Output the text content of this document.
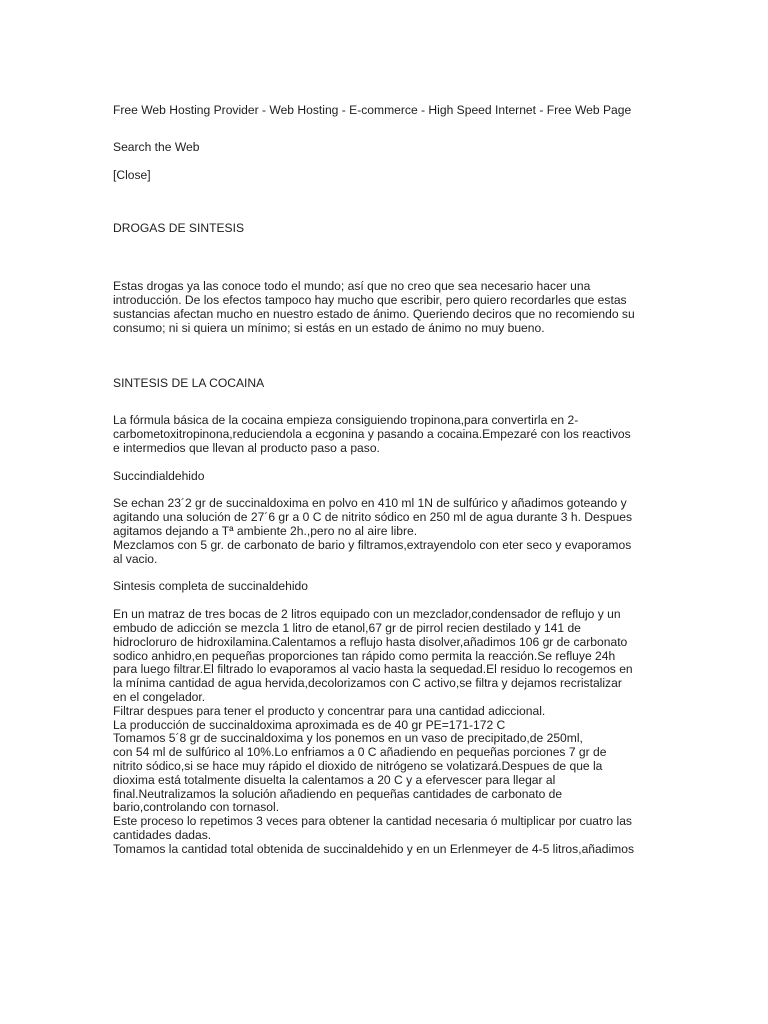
Free Web Hosting Provider - Web Hosting - E-commerce - High Speed Internet - Free Web Page

Search the Web

[Close]

DROGAS DE SINTESIS

Estas drogas ya las conoce todo el mundo; así que no creo que sea necesario hacer una
introducción. De los efectos tampoco hay mucho que escribir, pero quiero recordarles que estas
sustancias afectan mucho en nuestro estado de ánimo. Queriendo deciros que no recomiendo su
consumo; ni si quiera un mínimo; si estás en un estado de ánimo no muy bueno.

SINTESIS DE LA COCAINA

La fórmula básica de la cocaina empieza consiguiendo tropinona,para convertirla en 2-
carbometoxitropinona,reduciendola a ecgonina y pasando a cocaina.Empezaré con los reactivos
e intermedios que llevan al producto paso a paso.

Succindialdehido

Se echan 23´2 gr de succinaldoxima en polvo en 410 ml 1N de sulfúrico y añadimos goteando y
agitando una solución de 27´6 gr a 0 C de nitrito sódico en 250 ml de agua durante 3 h. Despues
agitamos dejando a Tª ambiente 2h.,pero no al aire libre.
Mezclamos con 5 gr. de carbonato de bario y filtramos,extrayendolo con eter seco y evaporamos
al vacio.

Sintesis completa de succinaldehido

En un matraz de tres bocas de 2 litros equipado con un mezclador,condensador de reflujo y un
embudo de adicción se mezcla 1 litro de etanol,67 gr de pirrol recien destilado y 141 de
hidrocloruro de hidroxilamina.Calentamos a reflujo hasta disolver,añadimos 106 gr de carbonato
sodico anhidro,en pequeñas proporciones tan rápido como permita la reacción.Se refluye 24h
para luego filtrar.El filtrado lo evaporamos al vacio hasta la sequedad.El residuo lo recogemos en
la mínima cantidad de agua hervida,decolorizamos con C activo,se filtra y dejamos recristalizar
en el congelador.
Filtrar despues para tener el producto y concentrar para una cantidad adiccional.
La producción de succinaldoxima aproximada es de 40 gr PE=171-172 C
Tomamos 5´8 gr de succinaldoxima y los ponemos en un vaso de precipitado,de 250ml,
con 54 ml de sulfúrico al 10%.Lo enfriamos a 0 C añadiendo en pequeñas porciones 7 gr de
nitrito sódico,si se hace muy rápido el dioxido de nitrógeno se volatizará.Despues de que la
dioxima está totalmente disuelta la calentamos a 20 C y a efervescer para llegar al
final.Neutralizamos la solución añadiendo en pequeñas cantidades de carbonato de
bario,controlando con tornasol.
Este proceso lo repetimos 3 veces para obtener la cantidad necesaria ó multiplicar por cuatro las
cantidades dadas.
Tomamos la cantidad total obtenida de succinaldehido y en un Erlenmeyer de 4-5 litros,añadimos
